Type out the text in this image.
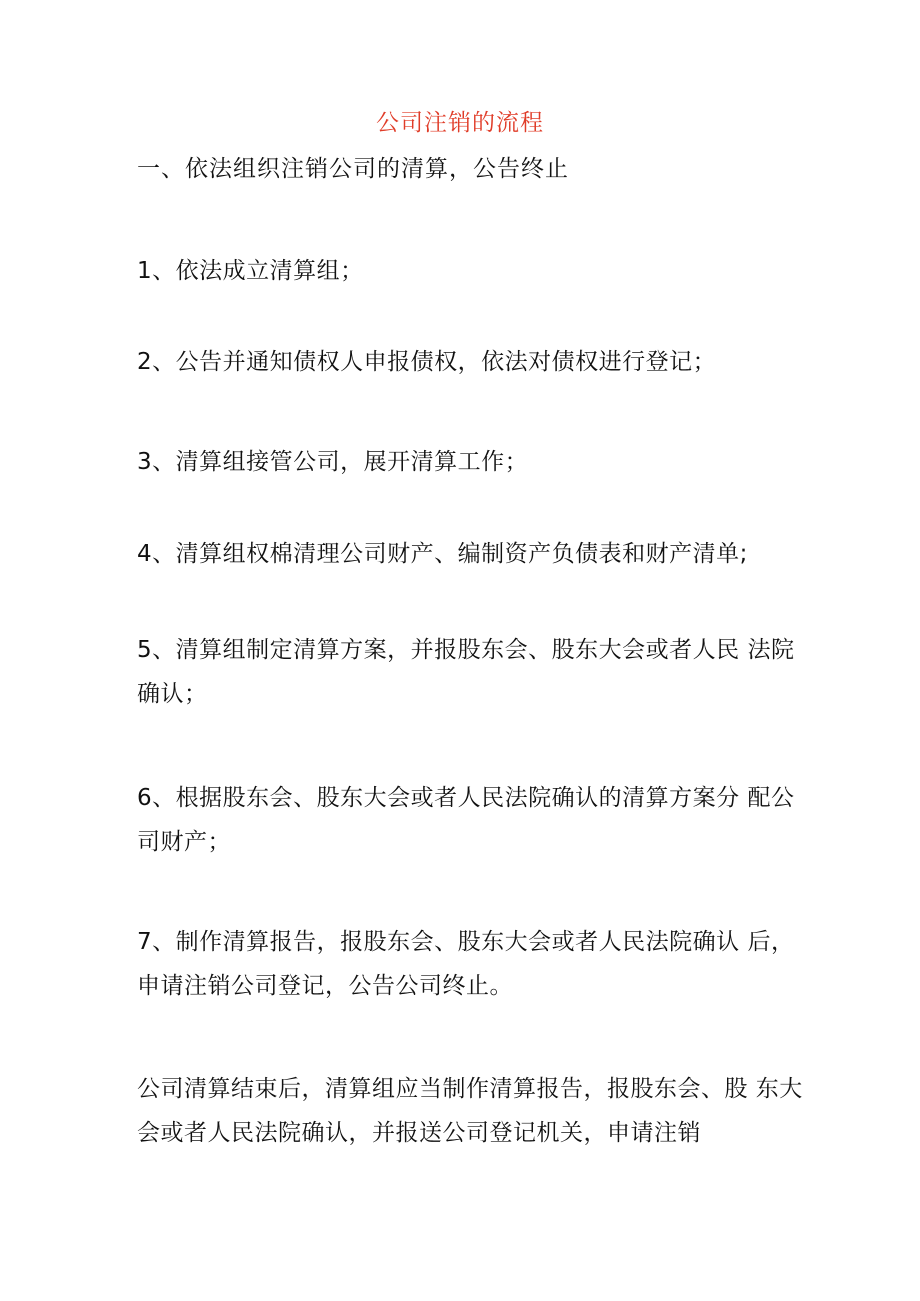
公司注销的流程
一、依法组织注销公司的清算，公告终止
1、依法成立清算组；
2、公告并通知债权人申报债权，依法对债权进行登记；
3、清算组接管公司，展开清算工作；
4、清算组权棉清理公司财产、编制资产负债表和财产清单;
5、清算组制定清算方案，并报股东会、股东大会或者人民 法院
确认；
6、根据股东会、股东大会或者人民法院确认的清算方案分 配公
司财产；
7、制作清算报告，报股东会、股东大会或者人民法院确认 后，
申请注销公司登记，公告公司终止。
公司清算结束后，清算组应当制作清算报告，报股东会、股 东大
会或者人民法院确认，并报送公司登记机关，申请注销
